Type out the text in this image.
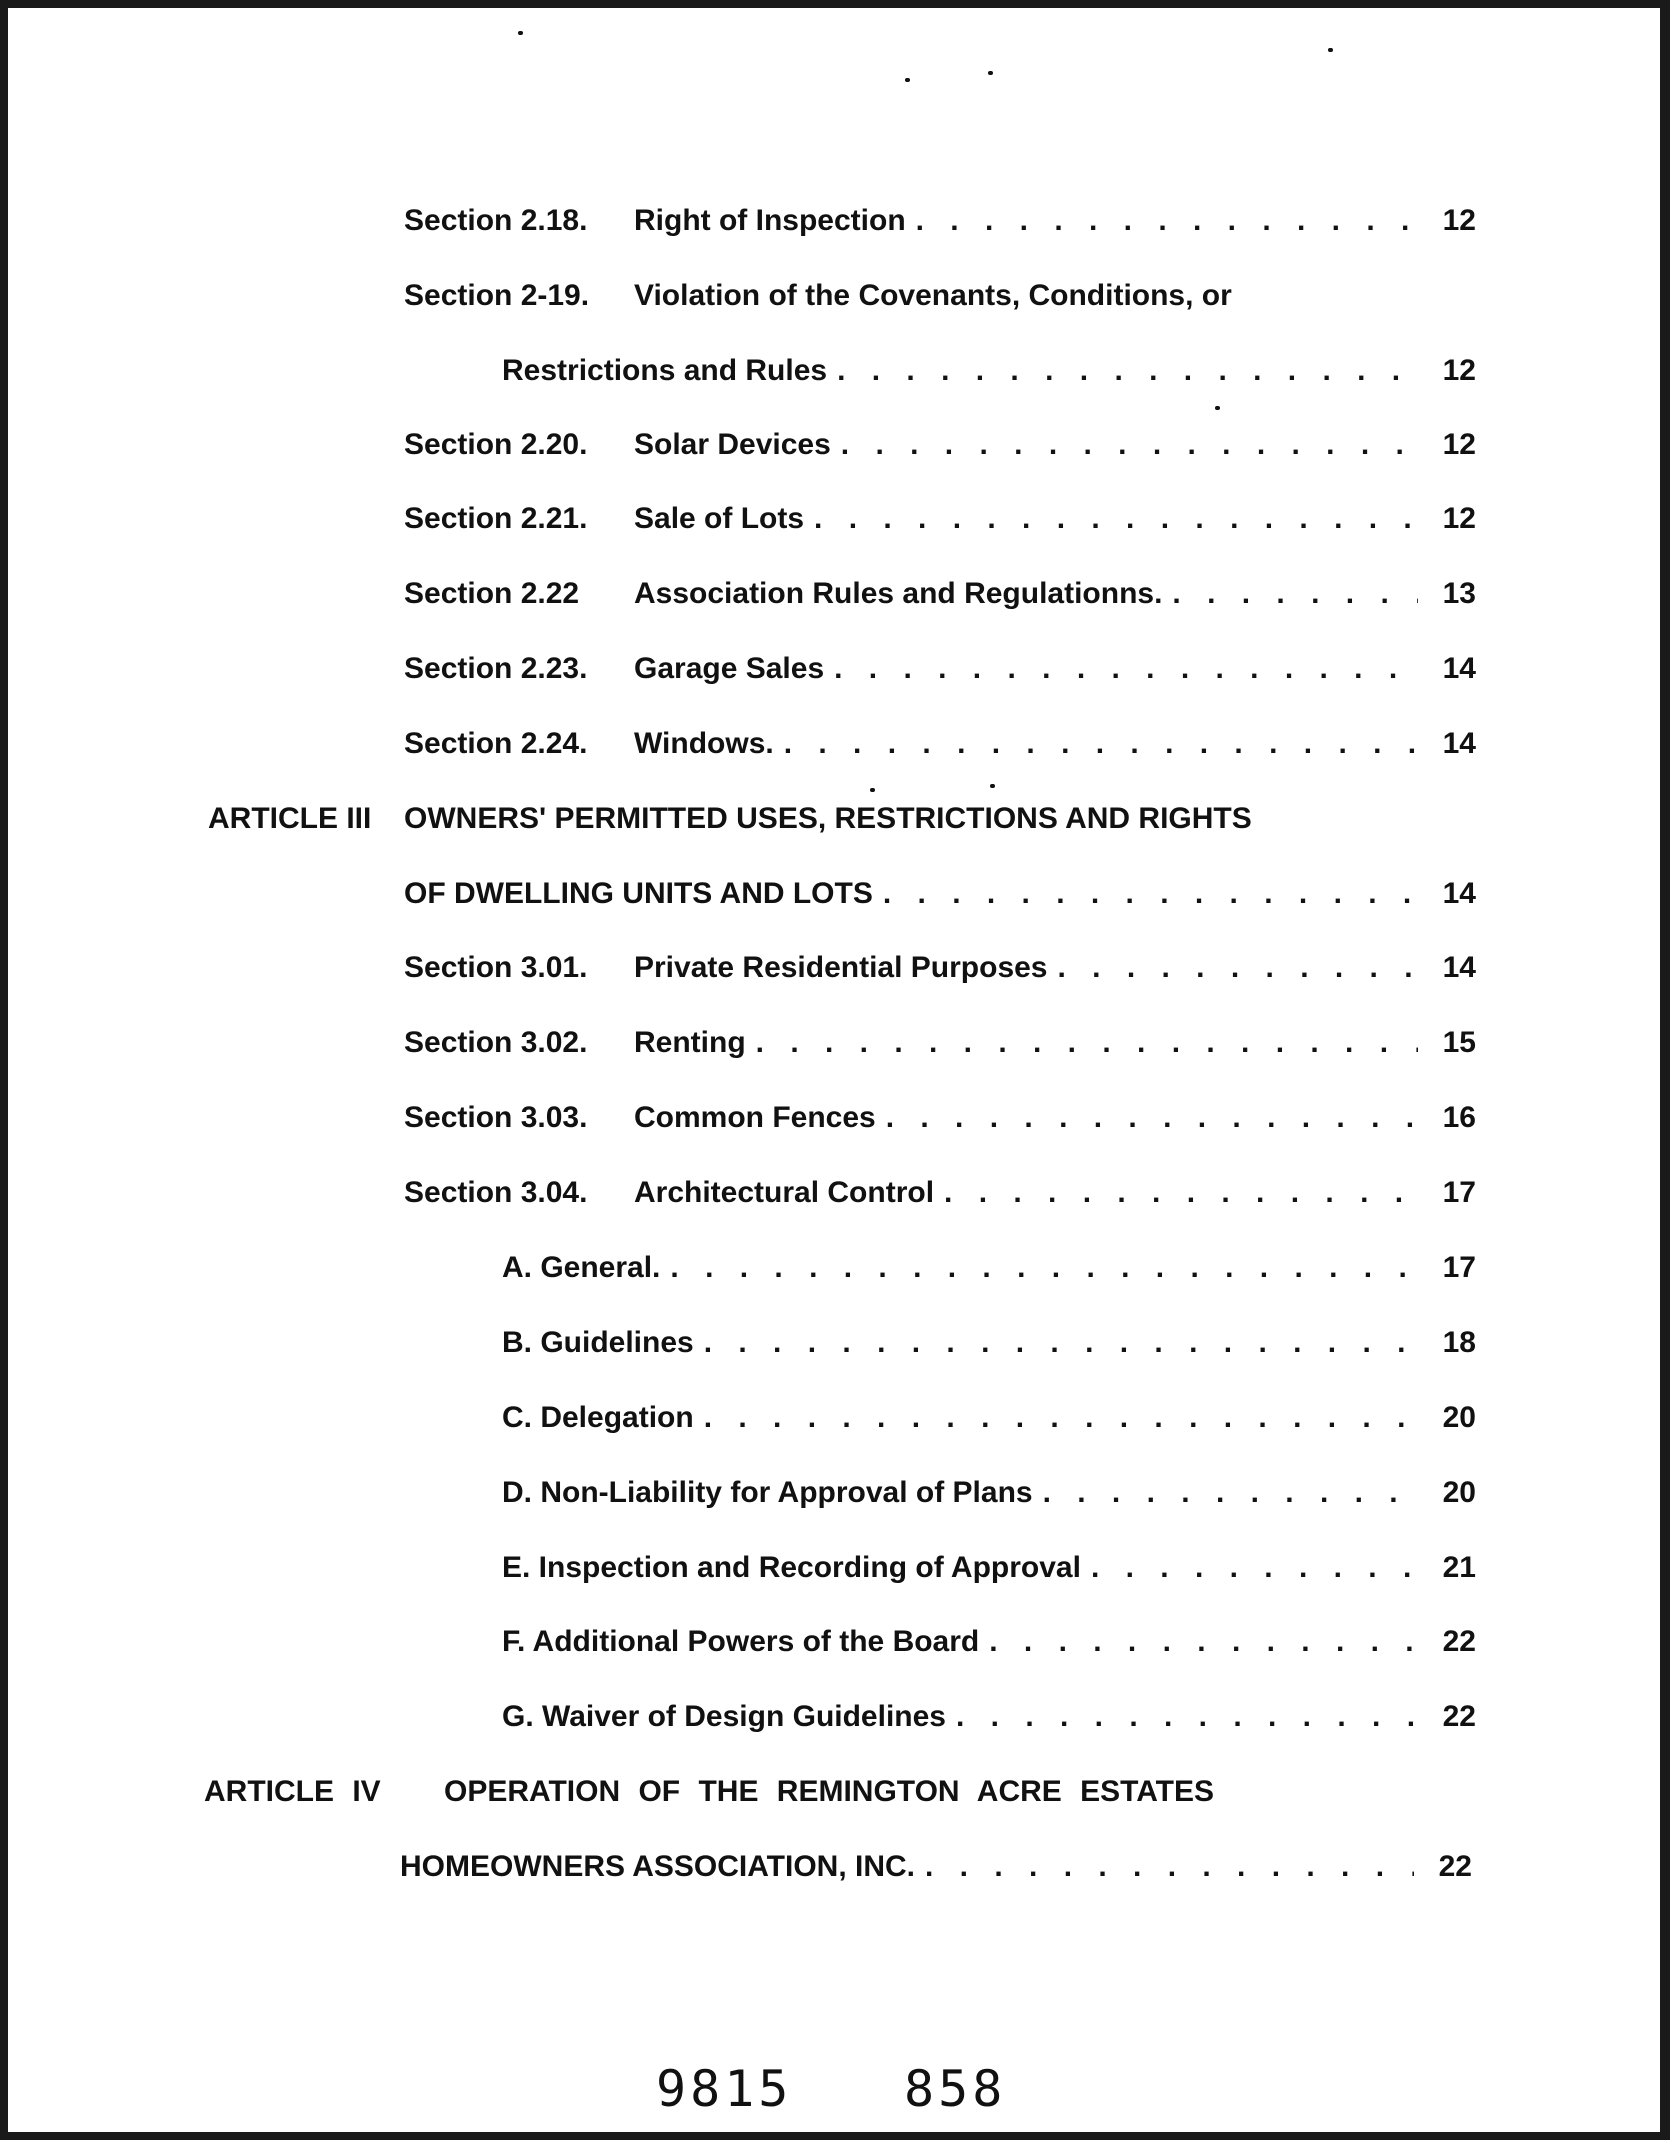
Section 2.18.	Right of Inspection . . .	12
Section 2-19.	Violation of the Covenants, Conditions, or
Restrictions and Rules . . .	12
Section 2.20.	Solar Devices . . .	12
Section 2.21.	Sale of Lots . . .	12
Section 2.22	Association Rules and Regulationns. . . .	13
Section 2.23.	Garage Sales . . .	14
Section 2.24.	Windows. . . .	14
ARTICLE III OWNERS' PERMITTED USES, RESTRICTIONS AND RIGHTS
OF DWELLING UNITS AND LOTS . . .	14
Section 3.01.	Private Residential Purposes . . .	14
Section 3.02.	Renting . . .	15
Section 3.03.	Common Fences . . .	16
Section 3.04.	Architectural Control . . .	17
A. General. . . .	17
B. Guidelines . . .	18
C. Delegation . . .	20
D. Non-Liability for Approval of Plans . . .	20
E. Inspection and Recording of Approval . . .	21
F. Additional Powers of the Board . . .	22
G. Waiver of Design Guidelines . . .	22
ARTICLE IV OPERATION OF THE REMINGTON ACRE ESTATES
HOMEOWNERS ASSOCIATION, INC. . . .	22
9815 858
